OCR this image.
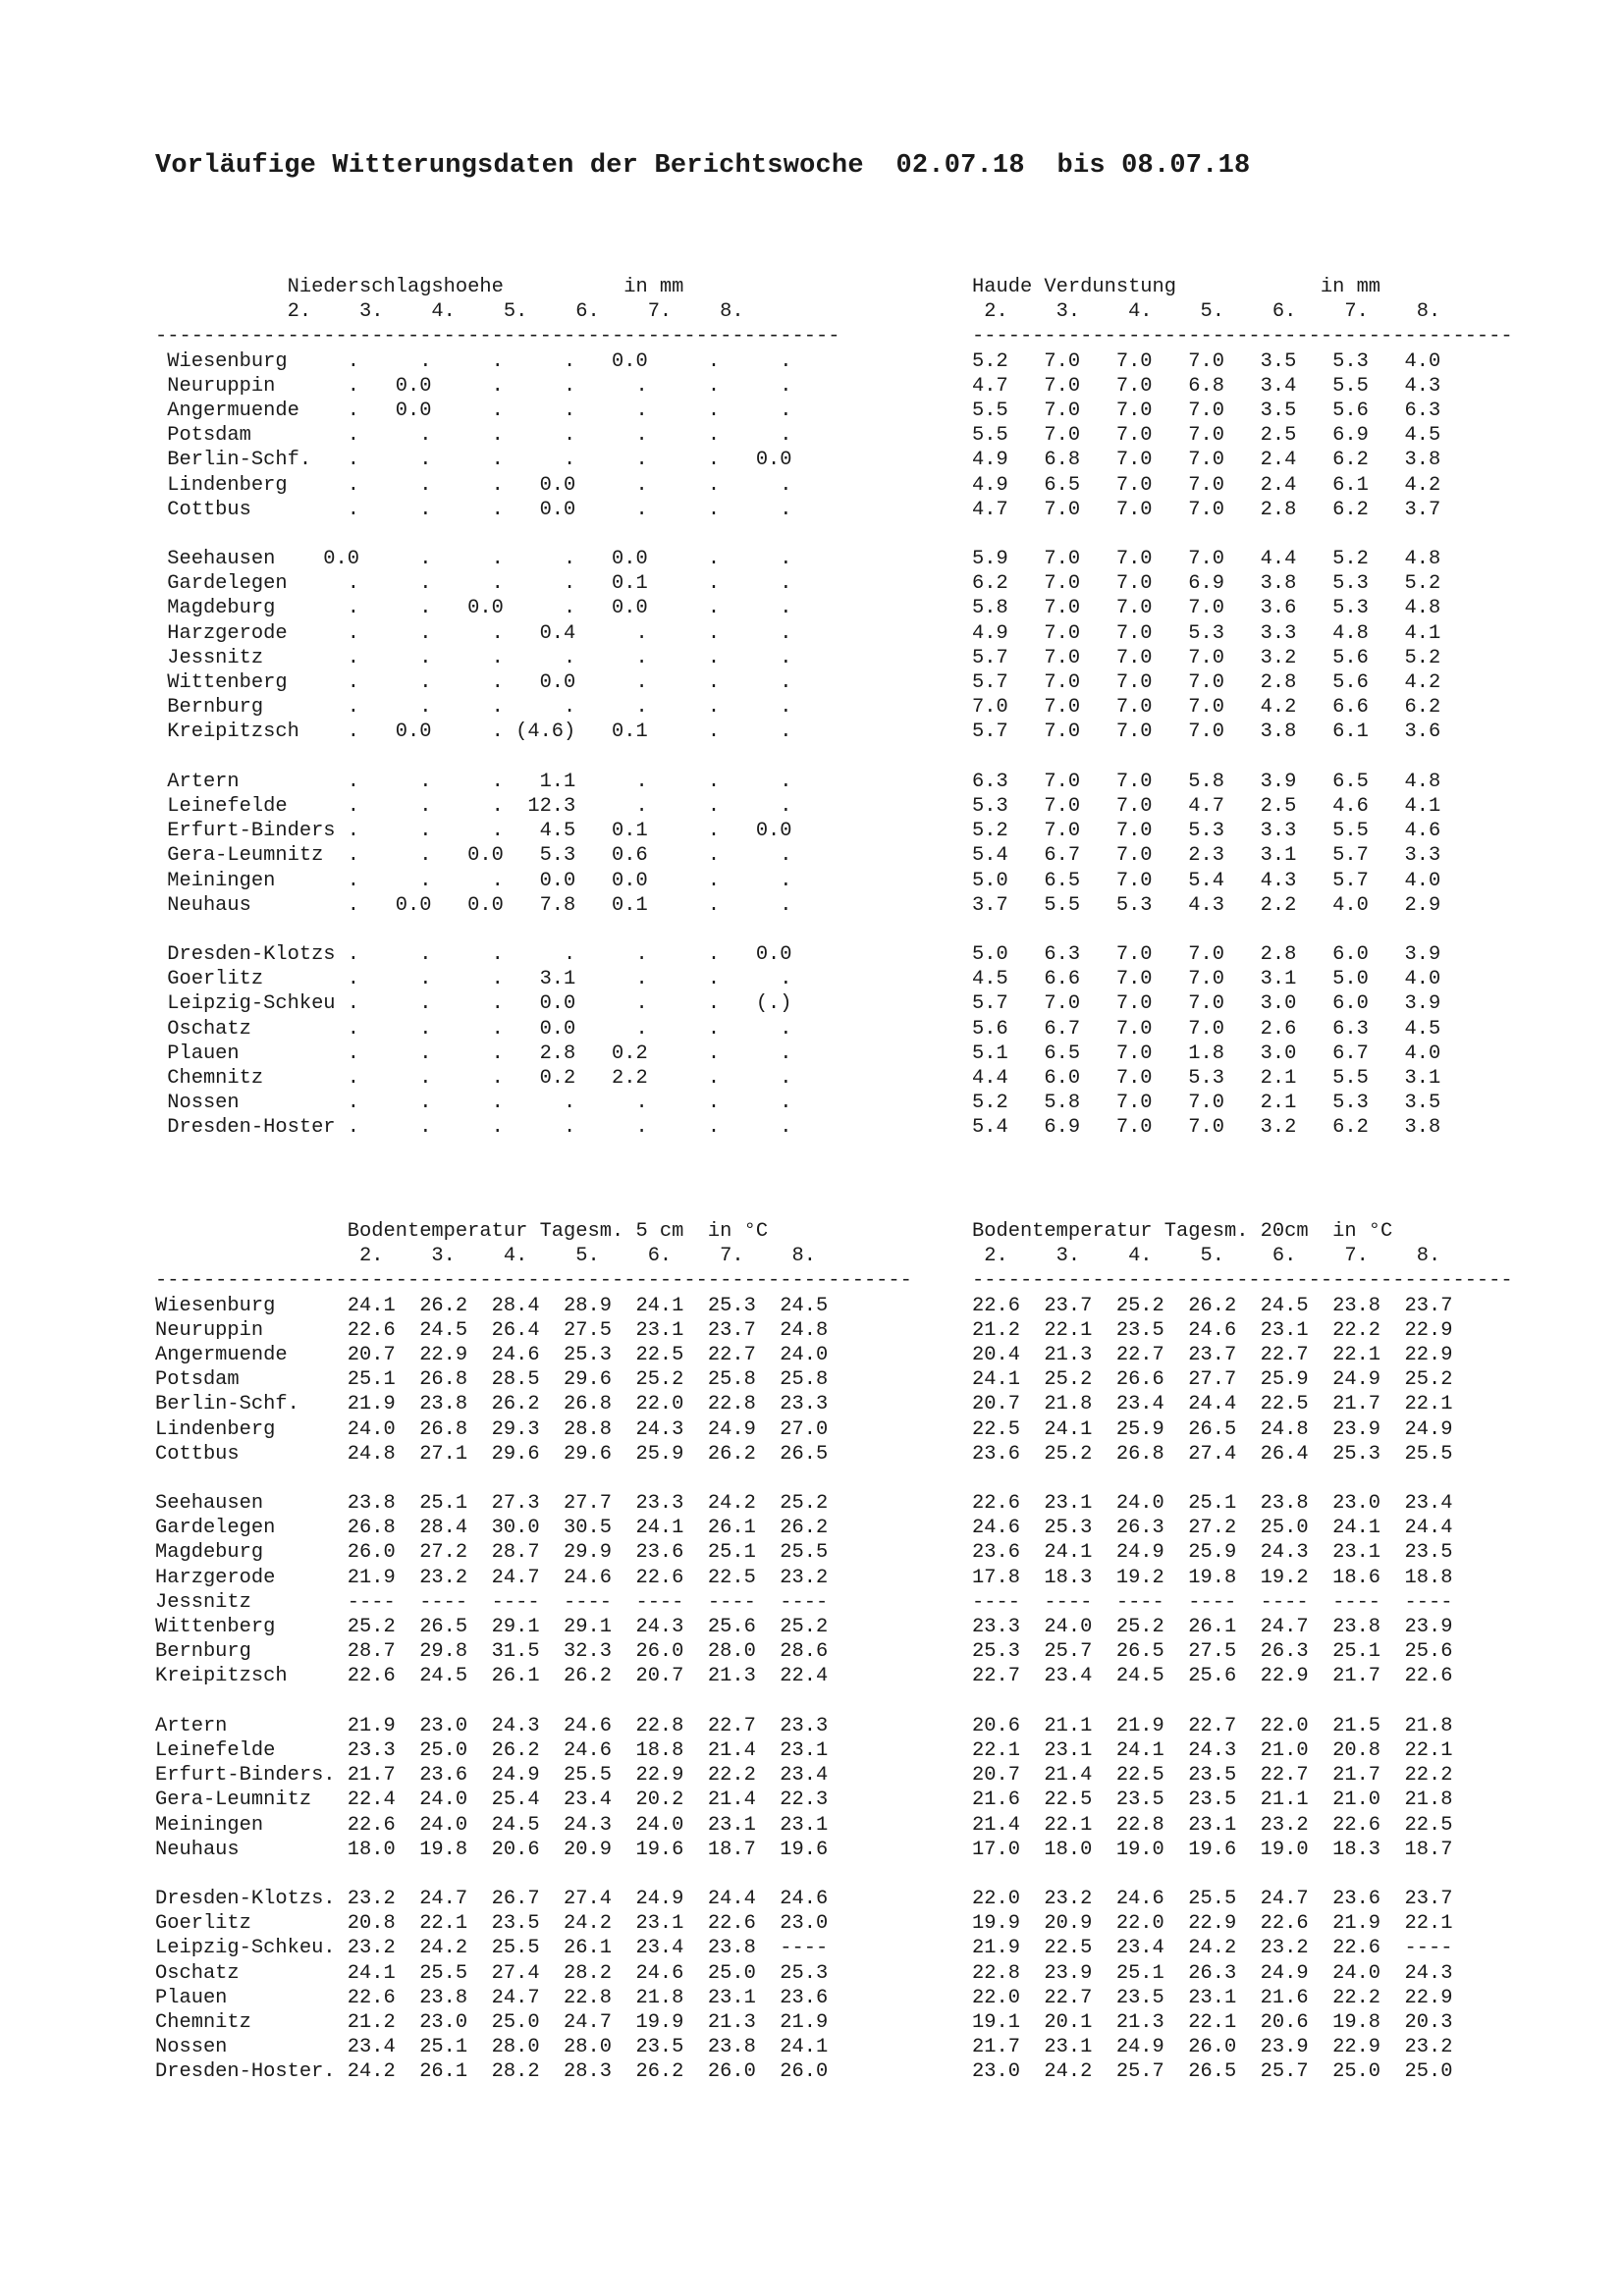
Vorläufige Witterungsdaten der Berichtswoche  02.07.18  bis 08.07.18
Niederschlagshoehe          in mm
2.    3.    4.    5.    6.    7.    8.
---------------------------------------------------------
Wiesenburg     .     .     .     .   0.0     .     .
Neuruppin      .   0.0     .     .     .     .     .
Angermuende    .   0.0     .     .     .     .     .
Potsdam        .     .     .     .     .     .     .
Berlin-Schf.   .     .     .     .     .     .   0.0
Lindenberg     .     .     .   0.0     .     .     .
Cottbus        .     .     .   0.0     .     .     .
Seehausen    0.0     .     .     .   0.0     .     .
Gardelegen     .     .     .     .   0.1     .     .
Magdeburg      .     .   0.0     .   0.0     .     .
Harzgerode     .     .     .   0.4     .     .     .
Jessnitz       .     .     .     .     .     .     .
Wittenberg     .     .     .   0.0     .     .     .
Bernburg       .     .     .     .     .     .     .
Kreipitzsch    .   0.0     . (4.6)   0.1     .     .
Artern         .     .     .   1.1     .     .     .
Leinefelde     .     .     .  12.3     .     .     .
Erfurt-Binders .     .     .   4.5   0.1     .   0.0
Gera-Leumnitz  .     .   0.0   5.3   0.6     .     .
Meiningen      .     .     .   0.0   0.0     .     .
Neuhaus        .   0.0   0.0   7.8   0.1     .     .
Dresden-Klotzs .     .     .     .     .     .   0.0
Goerlitz       .     .     .   3.1     .     .     .
Leipzig-Schkeu .     .     .   0.0     .     .   (.)
Oschatz        .     .     .   0.0     .     .     .
Plauen         .     .     .   2.8   0.2     .     .
Chemnitz       .     .     .   0.2   2.2     .     .
Nossen         .     .     .     .     .     .     .
Dresden-Hoster .     .     .     .     .     .     .
Haude Verdunstung            in mm
2.    3.    4.    5.    6.    7.    8.
---------------------------------------------
5.2   7.0   7.0   7.0   3.5   5.3   4.0
4.7   7.0   7.0   6.8   3.4   5.5   4.3
5.5   7.0   7.0   7.0   3.5   5.6   6.3
5.5   7.0   7.0   7.0   2.5   6.9   4.5
4.9   6.8   7.0   7.0   2.4   6.2   3.8
4.9   6.5   7.0   7.0   2.4   6.1   4.2
4.7   7.0   7.0   7.0   2.8   6.2   3.7
5.9   7.0   7.0   7.0   4.4   5.2   4.8
6.2   7.0   7.0   6.9   3.8   5.3   5.2
5.8   7.0   7.0   7.0   3.6   5.3   4.8
4.9   7.0   7.0   5.3   3.3   4.8   4.1
5.7   7.0   7.0   7.0   3.2   5.6   5.2
5.7   7.0   7.0   7.0   2.8   5.6   4.2
7.0   7.0   7.0   7.0   4.2   6.6   6.2
5.7   7.0   7.0   7.0   3.8   6.1   3.6
6.3   7.0   7.0   5.8   3.9   6.5   4.8
5.3   7.0   7.0   4.7   2.5   4.6   4.1
5.2   7.0   7.0   5.3   3.3   5.5   4.6
5.4   6.7   7.0   2.3   3.1   5.7   3.3
5.0   6.5   7.0   5.4   4.3   5.7   4.0
3.7   5.5   5.3   4.3   2.2   4.0   2.9
5.0   6.3   7.0   7.0   2.8   6.0   3.9
4.5   6.6   7.0   7.0   3.1   5.0   4.0
5.7   7.0   7.0   7.0   3.0   6.0   3.9
5.6   6.7   7.0   7.0   2.6   6.3   4.5
5.1   6.5   7.0   1.8   3.0   6.7   4.0
4.4   6.0   7.0   5.3   2.1   5.5   3.1
5.2   5.8   7.0   7.0   2.1   5.3   3.5
5.4   6.9   7.0   7.0   3.2   6.2   3.8
Bodentemperatur Tagesm. 5 cm  in °C
2.    3.    4.    5.    6.    7.    8.
---------------------------------------------------------------
Wiesenburg      24.1  26.2  28.4  28.9  24.1  25.3  24.5
Neuruppin       22.6  24.5  26.4  27.5  23.1  23.7  24.8
Angermuende     20.7  22.9  24.6  25.3  22.5  22.7  24.0
Potsdam         25.1  26.8  28.5  29.6  25.2  25.8  25.8
Berlin-Schf.    21.9  23.8  26.2  26.8  22.0  22.8  23.3
Lindenberg      24.0  26.8  29.3  28.8  24.3  24.9  27.0
Cottbus         24.8  27.1  29.6  29.6  25.9  26.2  26.5
Seehausen       23.8  25.1  27.3  27.7  23.3  24.2  25.2
Gardelegen      26.8  28.4  30.0  30.5  24.1  26.1  26.2
Magdeburg       26.0  27.2  28.7  29.9  23.6  25.1  25.5
Harzgerode      21.9  23.2  24.7  24.6  22.6  22.5  23.2
Jessnitz        ----  ----  ----  ----  ----  ----  ----
Wittenberg      25.2  26.5  29.1  29.1  24.3  25.6  25.2
Bernburg        28.7  29.8  31.5  32.3  26.0  28.0  28.6
Kreipitzsch     22.6  24.5  26.1  26.2  20.7  21.3  22.4
Artern          21.9  23.0  24.3  24.6  22.8  22.7  23.3
Leinefelde      23.3  25.0  26.2  24.6  18.8  21.4  23.1
Erfurt-Binders. 21.7  23.6  24.9  25.5  22.9  22.2  23.4
Gera-Leumnitz   22.4  24.0  25.4  23.4  20.2  21.4  22.3
Meiningen       22.6  24.0  24.5  24.3  24.0  23.1  23.1
Neuhaus         18.0  19.8  20.6  20.9  19.6  18.7  19.6
Dresden-Klotzs. 23.2  24.7  26.7  27.4  24.9  24.4  24.6
Goerlitz        20.8  22.1  23.5  24.2  23.1  22.6  23.0
Leipzig-Schkeu. 23.2  24.2  25.5  26.1  23.4  23.8  ----
Oschatz         24.1  25.5  27.4  28.2  24.6  25.0  25.3
Plauen          22.6  23.8  24.7  22.8  21.8  23.1  23.6
Chemnitz        21.2  23.0  25.0  24.7  19.9  21.3  21.9
Nossen          23.4  25.1  28.0  28.0  23.5  23.8  24.1
Dresden-Hoster. 24.2  26.1  28.2  28.3  26.2  26.0  26.0
Bodentemperatur Tagesm. 20cm  in °C
2.    3.    4.    5.    6.    7.    8.
---------------------------------------------
22.6  23.7  25.2  26.2  24.5  23.8  23.7
21.2  22.1  23.5  24.6  23.1  22.2  22.9
20.4  21.3  22.7  23.7  22.7  22.1  22.9
24.1  25.2  26.6  27.7  25.9  24.9  25.2
20.7  21.8  23.4  24.4  22.5  21.7  22.1
22.5  24.1  25.9  26.5  24.8  23.9  24.9
23.6  25.2  26.8  27.4  26.4  25.3  25.5
22.6  23.1  24.0  25.1  23.8  23.0  23.4
24.6  25.3  26.3  27.2  25.0  24.1  24.4
23.6  24.1  24.9  25.9  24.3  23.1  23.5
17.8  18.3  19.2  19.8  19.2  18.6  18.8
----  ----  ----  ----  ----  ----  ----
23.3  24.0  25.2  26.1  24.7  23.8  23.9
25.3  25.7  26.5  27.5  26.3  25.1  25.6
22.7  23.4  24.5  25.6  22.9  21.7  22.6
20.6  21.1  21.9  22.7  22.0  21.5  21.8
22.1  23.1  24.1  24.3  21.0  20.8  22.1
20.7  21.4  22.5  23.5  22.7  21.7  22.2
21.6  22.5  23.5  23.5  21.1  21.0  21.8
21.4  22.1  22.8  23.1  23.2  22.6  22.5
17.0  18.0  19.0  19.6  19.0  18.3  18.7
22.0  23.2  24.6  25.5  24.7  23.6  23.7
19.9  20.9  22.0  22.9  22.6  21.9  22.1
21.9  22.5  23.4  24.2  23.2  22.6  ----
22.8  23.9  25.1  26.3  24.9  24.0  24.3
22.0  22.7  23.5  23.1  21.6  22.2  22.9
19.1  20.1  21.3  22.1  20.6  19.8  20.3
21.7  23.1  24.9  26.0  23.9  22.9  23.2
23.0  24.2  25.7  26.5  25.7  25.0  25.0
